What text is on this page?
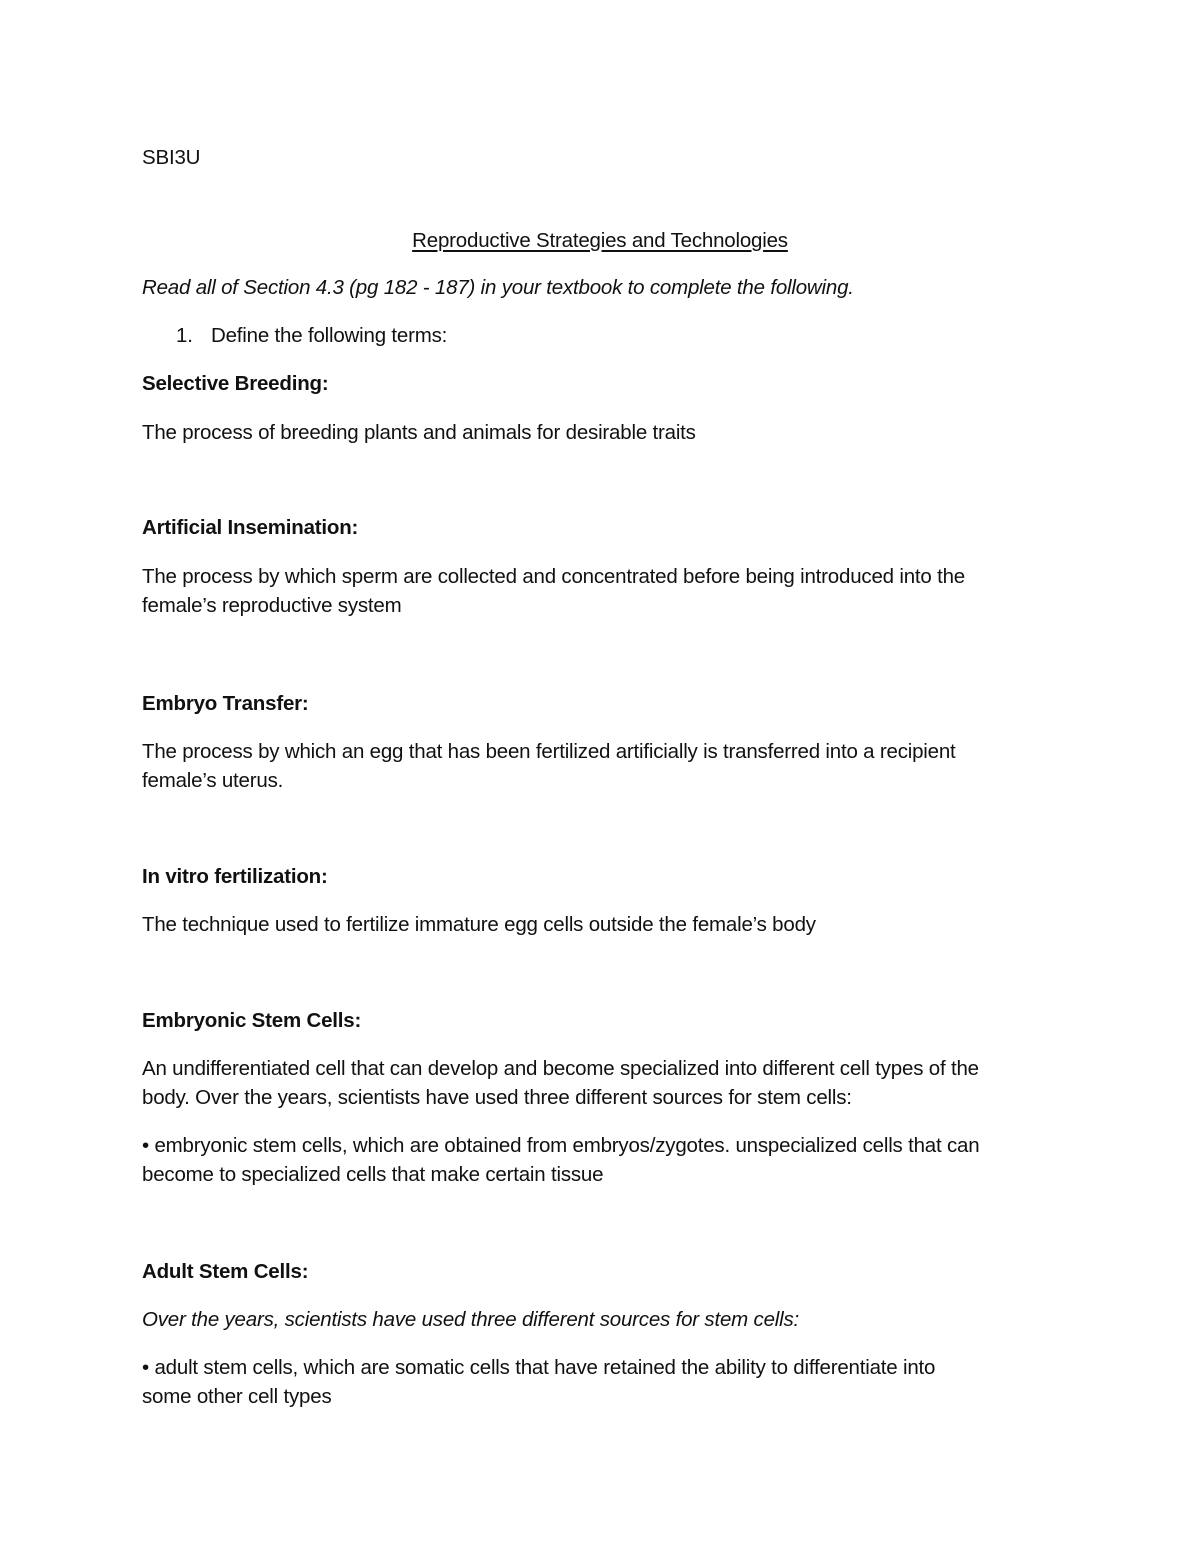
SBI3U
Reproductive Strategies and Technologies
Read all of Section 4.3 (pg 182 - 187) in your textbook to complete the following.
1. Define the following terms:
Selective Breeding:
The process of breeding plants and animals for desirable traits
Artificial Insemination:
The process by which sperm are collected and concentrated before being introduced into the
female’s reproductive system
Embryo Transfer:
The process by which an egg that has been fertilized artificially is transferred into a recipient
female’s uterus.
In vitro fertilization:
The technique used to fertilize immature egg cells outside the female’s body
Embryonic Stem Cells:
An undifferentiated cell that can develop and become specialized into different cell types of the
body. Over the years, scientists have used three different sources for stem cells:
• embryonic stem cells, which are obtained from embryos/zygotes. unspecialized cells that can
become to specialized cells that make certain tissue
Adult Stem Cells:
Over the years, scientists have used three different sources for stem cells:
• adult stem cells, which are somatic cells that have retained the ability to differentiate into
some other cell types
